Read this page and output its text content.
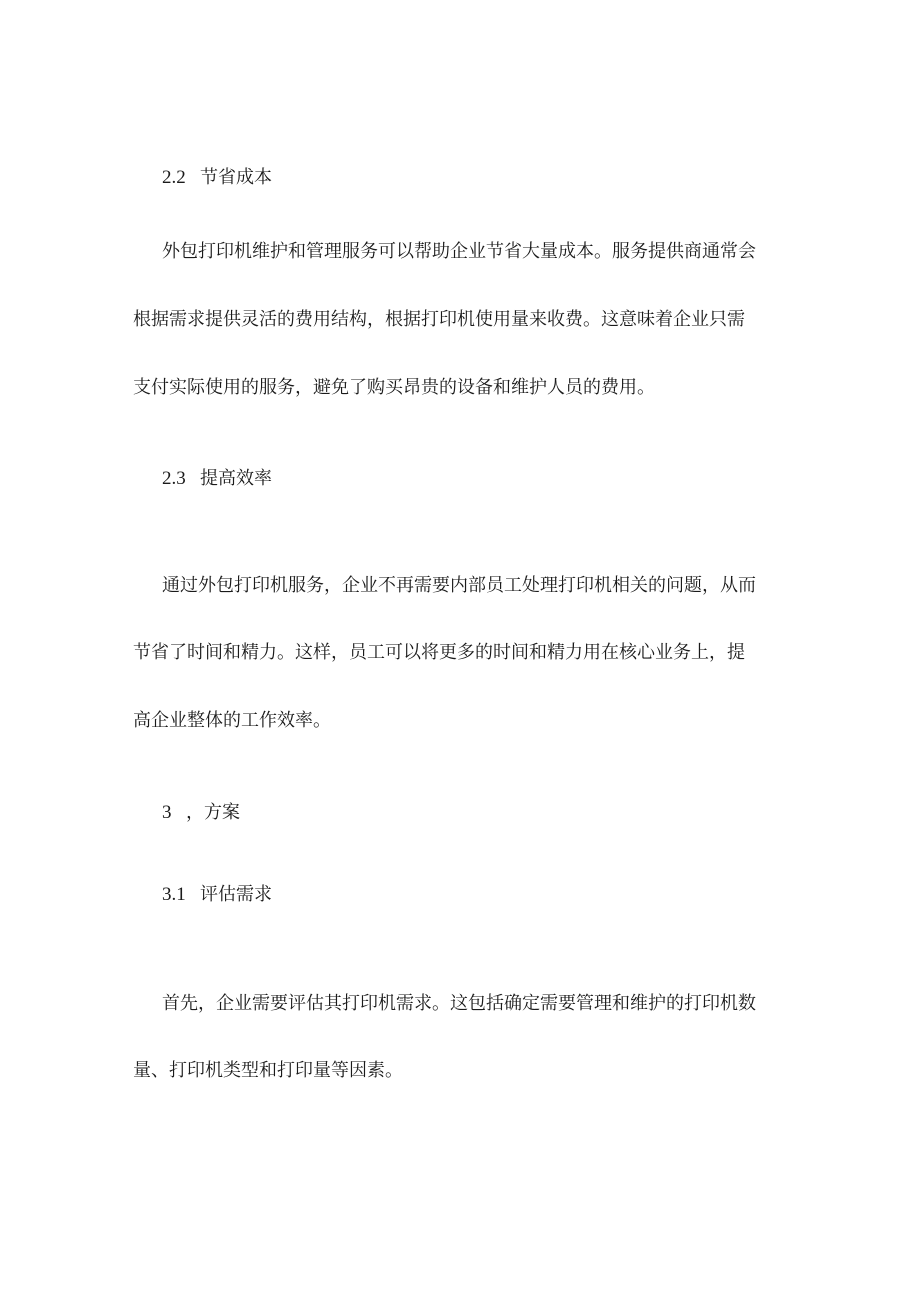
2.2 节省成本
外包打印机维护和管理服务可以帮助企业节省大量成本。服务提供商通常会
根据需求提供灵活的费用结构，根据打印机使用量来收费。这意味着企业只需
支付实际使用的服务，避免了购买昂贵的设备和维护人员的费用。
2.3 提高效率
通过外包打印机服务，企业不再需要内部员工处理打印机相关的问题，从而
节省了时间和精力。这样，员工可以将更多的时间和精力用在核心业务上，提
高企业整体的工作效率。
3 ，方案
3.1 评估需求
首先，企业需要评估其打印机需求。这包括确定需要管理和维护的打印机数
量、打印机类型和打印量等因素。
